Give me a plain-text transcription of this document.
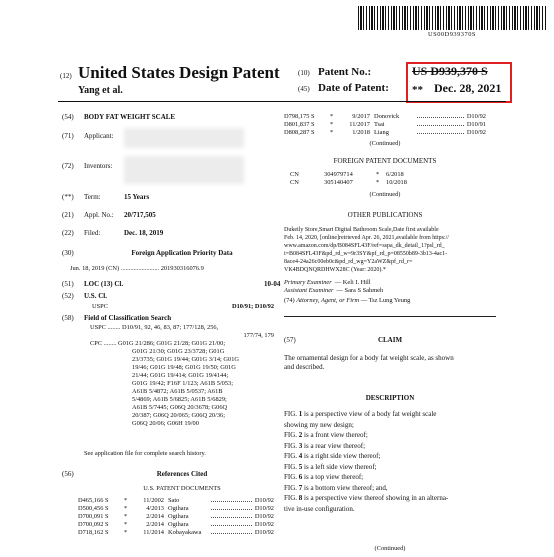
US00D939370S
(12) United States Design Patent
Yang et al.
(10) Patent No.:	US D939,370 S
(45) Date of Patent: ** Dec. 28, 2021
(54) BODY FAT WEIGHT SCALE
(71) Applicant:
(72) Inventors:
(**) Term:	15 Years
(21) Appl. No.: 20/717,505
(22) Filed:	Dec. 18, 2019
(30)	Foreign Application Priority Data
Jun. 18, 2019 (CN) ........................ 201930316076.9
(51) LOC (13) Cl.	10-04
(52) U.S. Cl.
USPC	D10/91; D10/92
(58) Field of Classification Search
USPC ........ D10/91, 92, 46, 83, 87; 177/128, 256,
177/74, 179
CPC ........ G01G 21/286; G01G 21/28; G01G 21/00;
G01G 21/30; G01G 23/3728; G01G
23/3735; G01G 19/44; G01G 3/14; G01G
19/46; G01G 19/48; G01G 19/50; G01G
21/44; G01G 19/414; G01G 19/4144;
G01G 19/42; F16F 1/123; A61B 5/053;
A61B 5/4872; A61B 5/0537; A61B
5/4869; A61B 5/6825; A61B 5/6829;
A61B 5/7445; G06Q 20/3678; G06Q
20/387; G06Q 20/065; G06Q 20/36;
G06Q 20/06; G06H 19/00
See application file for complete search history.
(56)	References Cited
U.S. PATENT DOCUMENTS
D465,166 S	*	11/2002 Sato	D10/92
D500,456 S	*	4/2013 Ogihara	D10/92
D700,091 S	*	2/2014 Ogihara	D10/92
D700,092 S	*	2/2014 Ogihara	D10/92
D718,162 S	*	11/2014 Kobayakawa	D10/92
D798,175 S	*	9/2017 Donovick	D10/92
D801,837 S	*	11/2017 Tsai	D10/91
D808,287 S	*	1/2018 Liang	D10/92
(Continued)
FOREIGN PATENT DOCUMENTS
CN	304979714	*	6/2018
CN	305140407	*	10/2018
(Continued)
OTHER PUBLICATIONS
Dukeily Store,Smart Digital Bathroom Scale,Date first available
Feb. 14, 2020, [online]retrieved Apr. 26, 2021,available from https://
www.amazon.com/dp/B084SFL43F/ref=sspa_dk_detail_1?psl_rd_
i=B084SFL43F&pd_rd_w=9r3SY&pf_rd_p=08550b89-3b13-4ac1-
8ace4-24a26c00eb0c&pd_rd_wg=Y2aWZ&pf_rd_r=
VK4BDQNQRDHWX28C (Year: 2020).*
Primary Examiner — Keli I. Hill
Assistant Examiner — Sara S Sahmeh
(74) Attorney, Agent, or Firm — Tsz Lung Yeung
(57)	CLAIM
The ornamental design for a body fat weight scale, as shown
and described.
DESCRIPTION
FIG. 1 is a perspective view of a body fat weight scale
showing my new design;
FIG. 2 is a front view thereof;
FIG. 3 is a rear view thereof;
FIG. 4 is a right side view thereof;
FIG. 5 is a left side view thereof;
FIG. 6 is a top view thereof;
FIG. 7 is a bottom view thereof; and,
FIG. 8 is a perspective view thereof showing in an alterna-
tive in-use configuration.
(Continued)
